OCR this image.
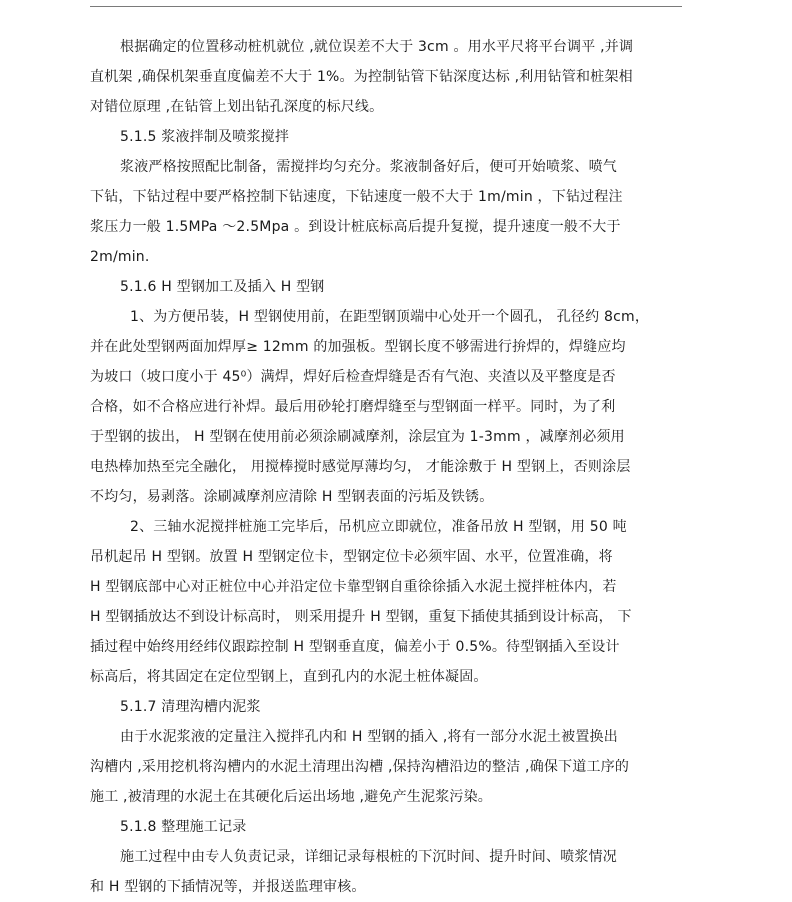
根据确定的位置移动桩机就位 ,就位误差不大于 3cm 。用水平尺将平台调平 ,并调
直机架 ,确保机架垂直度偏差不大于 1%。为控制钻管下钻深度达标 ,利用钻管和桩架相
对错位原理 ,在钻管上划出钻孔深度的标尺线。
5.1.5 浆液拌制及喷浆搅拌
浆液严格按照配比制备，需搅拌均匀充分。浆液制备好后，便可开始喷浆、喷气
下钻，下钻过程中要严格控制下钻速度，下钻速度一般不大于 1m/min ，下钻过程注
浆压力一般 1.5MPa ～2.5Mpa 。到设计桩底标高后提升复搅，提升速度一般不大于
2m/min.
5.1.6 H 型钢加工及插入 H 型钢
1、为方便吊装，H 型钢使用前，在距型钢顶端中心处开一个圆孔， 孔径约 8cm，
并在此处型钢两面加焊厚≥ 12mm 的加强板。型钢长度不够需进行拚焊的，焊缝应均
为坡口（坡口度小于 45⁰）满焊，焊好后检查焊缝是否有气泡、夹渣以及平整度是否
合格，如不合格应进行补焊。最后用砂轮打磨焊缝至与型钢面一样平。同时，为了利
于型钢的拔出， H 型钢在使用前必须涂刷减摩剂，涂层宜为 1-3mm ，减摩剂必须用
电热棒加热至完全融化， 用搅棒搅时感觉厚薄均匀， 才能涂敷于 H 型钢上，否则涂层
不均匀，易剥落。涂刷减摩剂应清除 H 型钢表面的污垢及铁锈。
2、三轴水泥搅拌桩施工完毕后，吊机应立即就位，准备吊放 H 型钢，用 50 吨
吊机起吊 H 型钢。放置 H 型钢定位卡，型钢定位卡必须牢固、水平，位置准确，将
H 型钢底部中心对正桩位中心并沿定位卡靠型钢自重徐徐插入水泥土搅拌桩体内，若
H 型钢插放达不到设计标高时， 则采用提升 H 型钢，重复下插使其插到设计标高， 下
插过程中始终用经纬仪跟踪控制 H 型钢垂直度，偏差小于 0.5%。待型钢插入至设计
标高后，将其固定在定位型钢上，直到孔内的水泥土桩体凝固。
5.1.7 清理沟槽内泥浆
由于水泥浆液的定量注入搅拌孔内和 H 型钢的插入 ,将有一部分水泥土被置换出
沟槽内 ,采用挖机将沟槽内的水泥土清理出沟槽 ,保持沟槽沿边的整洁 ,确保下道工序的
施工 ,被清理的水泥土在其硬化后运出场地 ,避免产生泥浆污染。
5.1.8 整理施工记录
施工过程中由专人负责记录，详细记录每根桩的下沉时间、提升时间、喷浆情况
和 H 型钢的下插情况等，并报送监理审核。
